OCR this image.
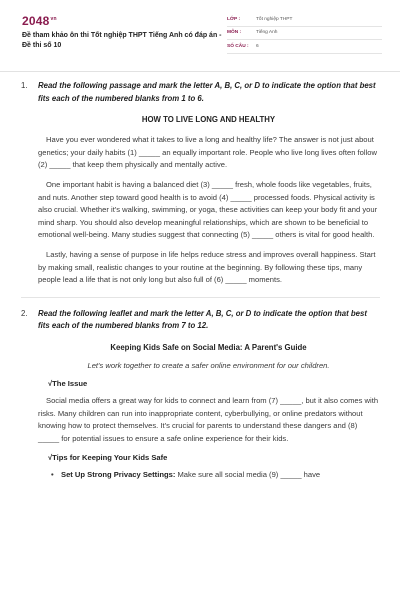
$2048^{vn}$
Đề tham khảo ôn thi Tốt nghiệp THPT Tiếng Anh có đáp án - Đề thi số 10
LỚP :	Tốt nghiệp THPT
MÔN :	Tiếng Anh
SỐ CÂU :	6
1.	Read the following passage and mark the letter A, B, C, or D to indicate the option that best fits each of the numbered blanks from 1 to 6.
HOW TO LIVE LONG AND HEALTHY

Have you ever wondered what it takes to live a long and healthy life? The answer is not just about genetics; your daily habits (1) _____ an equally important role. People who live long lives often follow (2) _____ that keep them physically and mentally active.

One important habit is having a balanced diet (3) _____ fresh, whole foods like vegetables, fruits, and nuts. Another step toward good health is to avoid (4) _____ processed foods. Physical activity is also crucial. Whether it's walking, swimming, or yoga, these activities can keep your body fit and your mind sharp. You should also develop meaningful relationships, which are shown to be beneficial to emotional well-being. Many studies suggest that connecting (5) _____ others is vital for good health.

Lastly, having a sense of purpose in life helps reduce stress and improves overall happiness. Start by making small, realistic changes to your routine at the beginning. By following these tips, many people lead a life that is not only long but also full of (6) _____ moments.

2.	Read the following leaflet and mark the letter A, B, C, or D to indicate the option that best fits each of the numbered blanks from 7 to 12.
Keeping Kids Safe on Social Media: A Parent's Guide
Let's work together to create a safer online environment for our children.
√The Issue

Social media offers a great way for kids to connect and learn from (7) _____, but it also comes with risks. Many children can run into inappropriate content, cyberbullying, or online predators without knowing how to protect themselves. It's crucial for parents to understand these dangers and (8) _____ for potential issues to ensure a safe online experience for their kids.

√Tips for Keeping Your Kids Safe
• Set Up Strong Privacy Settings: Make sure all social media (9) _____ have
